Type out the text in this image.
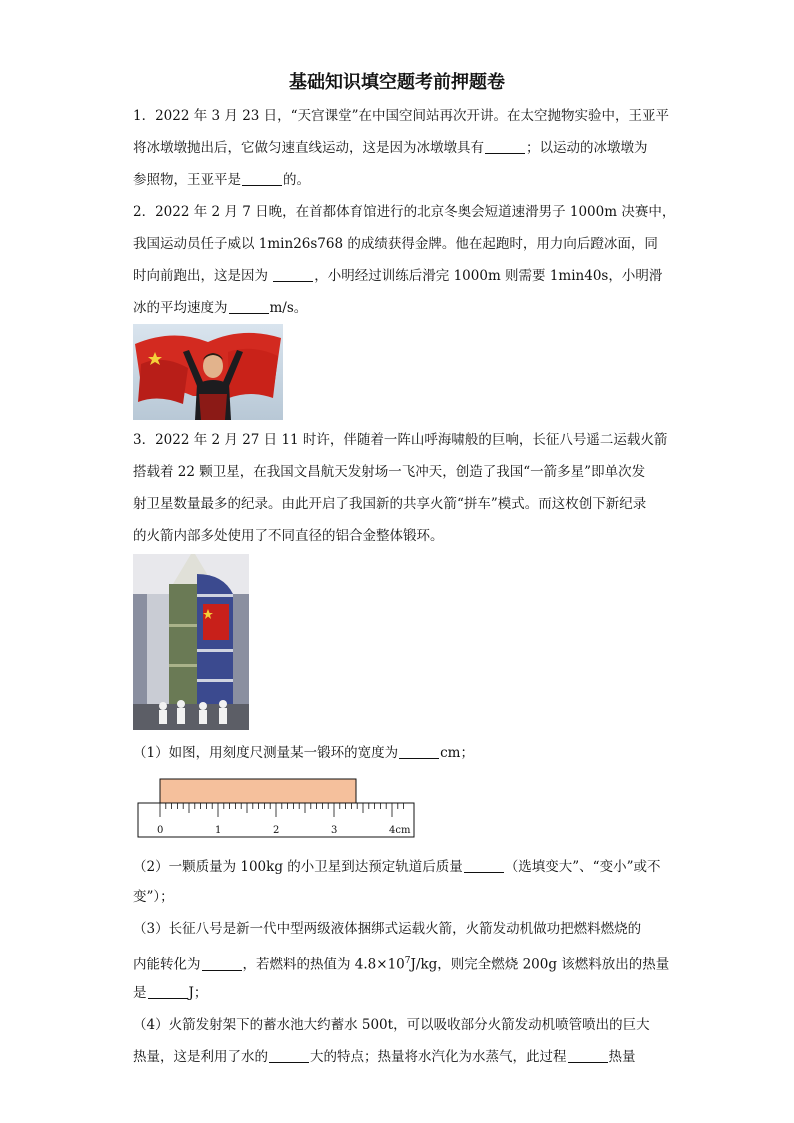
基础知识填空题考前押题卷
1．2022 年 3 月 23 日，“天宫课堂”在中国空间站再次开讲。在太空抛物实验中，王亚平
将冰墩墩抛出后，它做匀速直线运动，这是因为冰墩墩具有	；以运动的冰墩墩为
参照物，王亚平是	的。
2．2022 年 2 月 7 日晚，在首都体育馆进行的北京冬奥会短道速滑男子 1000m 决赛中，
我国运动员任子威以 1min26s768 的成绩获得金牌。他在起跑时，用力向后蹬冰面，同
时向前跑出，这是因为	，小明经过训练后滑完 1000m 则需要 1min40s，小明滑
冰的平均速度为	m/s。
3．2022 年 2 月 27 日 11 时许，伴随着一阵山呼海啸般的巨响，长征八号遥二运载火箭
搭载着 22 颗卫星，在我国文昌航天发射场一飞冲天，创造了我国“一箭多星”即单次发
射卫星数量最多的纪录。由此开启了我国新的共享火箭“拼车”模式。而这枚创下新纪录
的火箭内部多处使用了不同直径的铝合金整体锻环。
（1）如图，用刻度尺测量某一锻环的宽度为	cm；
0	1	2	3	4cm
（2）一颗质量为 100kg 的小卫星到达预定轨道后质量	（选填变大”、“变小”或不
变”）；
（3）长征八号是新一代中型两级液体捆绑式运载火箭，火箭发动机做功把燃料燃烧的
内能转化为	，若燃料的热值为 $4.8\times 10^7J/kg$，则完全燃烧 200g 该燃料放出的热量
是	J；
（4）火箭发射架下的蓄水池大约蓄水 500t，可以吸收部分火箭发动机喷管喷出的巨大
热量，这是利用了水的	大的特点；热量将水汽化为水蒸气，此过程	热量
